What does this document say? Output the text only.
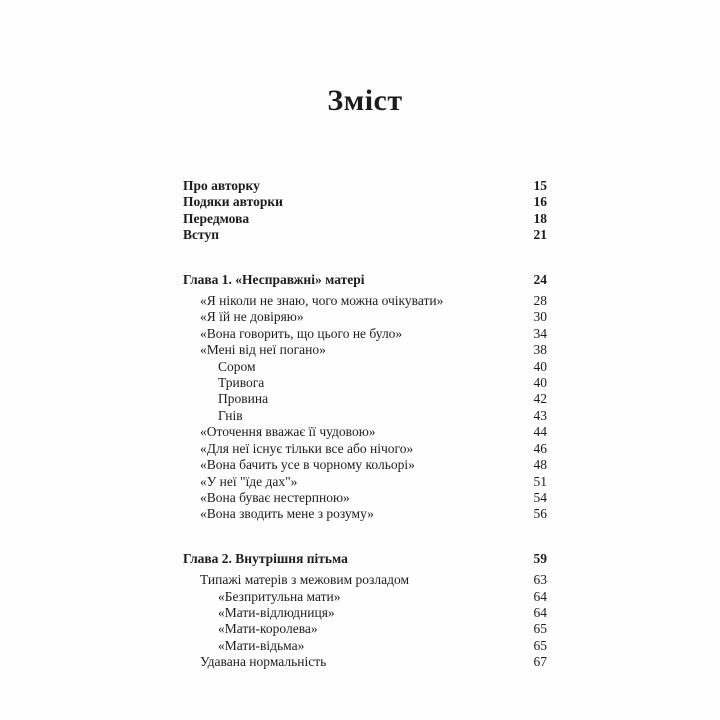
Зміст
Про авторку	15
Подяки авторки	16
Передмова	18
Вступ	21
Глава 1. «Несправжні» матері	24
«Я ніколи не знаю, чого можна очікувати»	28
«Я їй не довіряю»	30
«Вона говорить, що цього не було»	34
«Мені від неї погано»	38
Сором	40
Тривога	40
Провина	42
Гнів	43
«Оточення вважає її чудовою»	44
«Для неї існує тільки все або нічого»	46
«Вона бачить усе в чорному кольорі»	48
«У неї "їде дах"»	51
«Вона буває нестерпною»	54
«Вона зводить мене з розуму»	56
Глава 2. Внутрішня пітьма	59
Типажі матерів з межовим розладом	63
«Безпритульна мати»	64
«Мати-відлюдниця»	64
«Мати-королева»	65
«Мати-відьма»	65
Удавана нормальність	67
